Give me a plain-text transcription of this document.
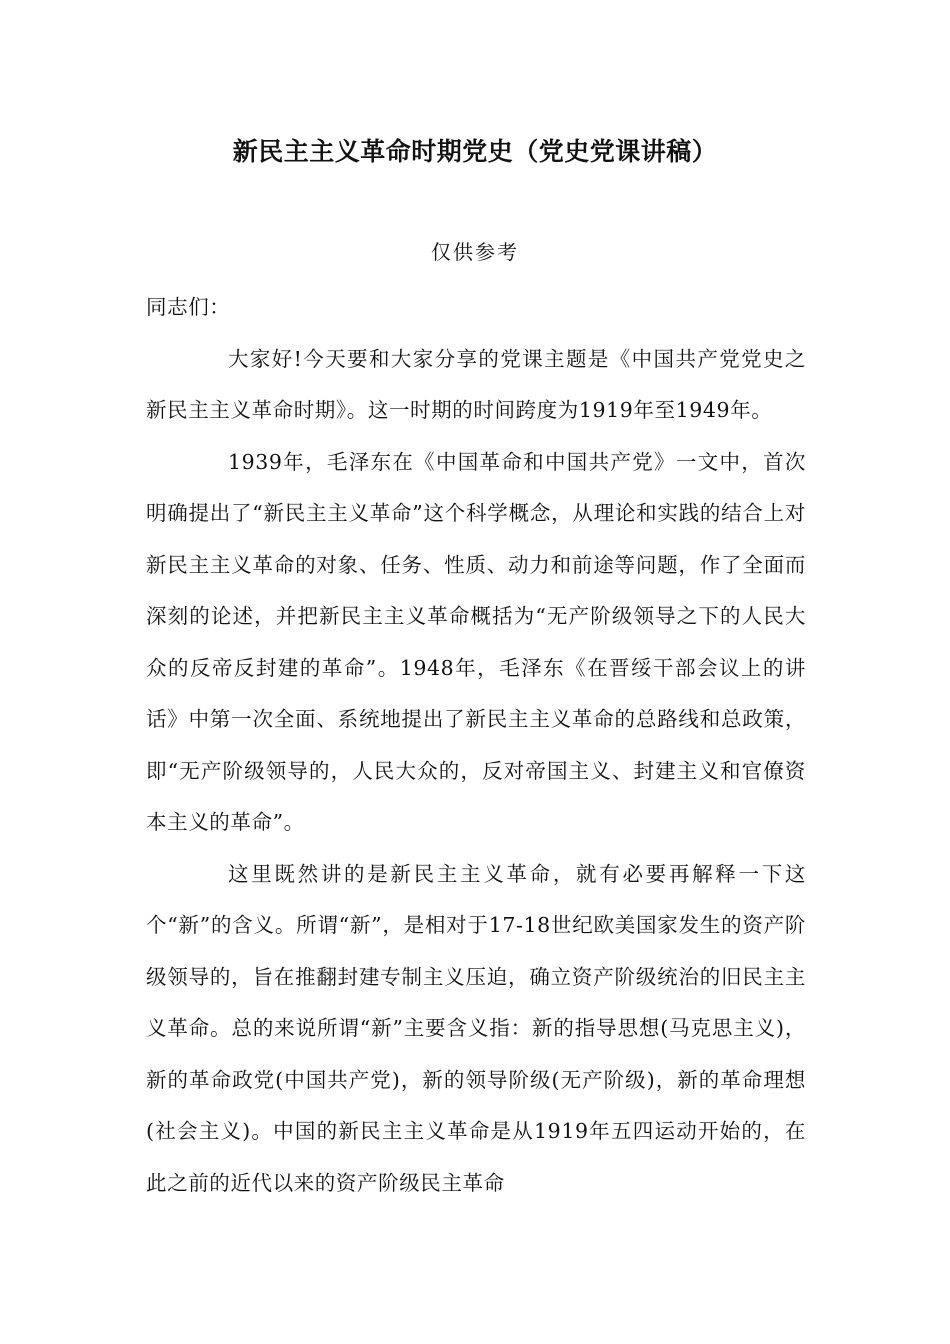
新民主主义革命时期党史（党史党课讲稿）
仅供参考

同志们：

大家好!今天要和大家分享的党课主题是《中国共产党党史之新民主主义革命时期》。这一时期的时间跨度为1919年至1949年。

1939年，毛泽东在《中国革命和中国共产党》一文中，首次明确提出了“新民主主义革命”这个科学概念，从理论和实践的结合上对新民主主义革命的对象、任务、性质、动力和前途等问题，作了全面而深刻的论述，并把新民主主义革命概括为“无产阶级领导之下的人民大众的反帝反封建的革命”。1948年，毛泽东《在晋绥干部会议上的讲话》中第一次全面、系统地提出了新民主主义革命的总路线和总政策，即“无产阶级领导的，人民大众的，反对帝国主义、封建主义和官僚资本主义的革命”。

这里既然讲的是新民主主义革命，就有必要再解释一下这个“新”的含义。所谓“新”，是相对于17-18世纪欧美国家发生的资产阶级领导的，旨在推翻封建专制主义压迫，确立资产阶级统治的旧民主主义革命。总的来说所谓“新”主要含义指：新的指导思想(马克思主义)，新的革命政党(中国共产党)，新的领导阶级(无产阶级)，新的革命理想(社会主义)。中国的新民主主义革命是从1919年五四运动开始的，在此之前的近代以来的资产阶级民主革命
